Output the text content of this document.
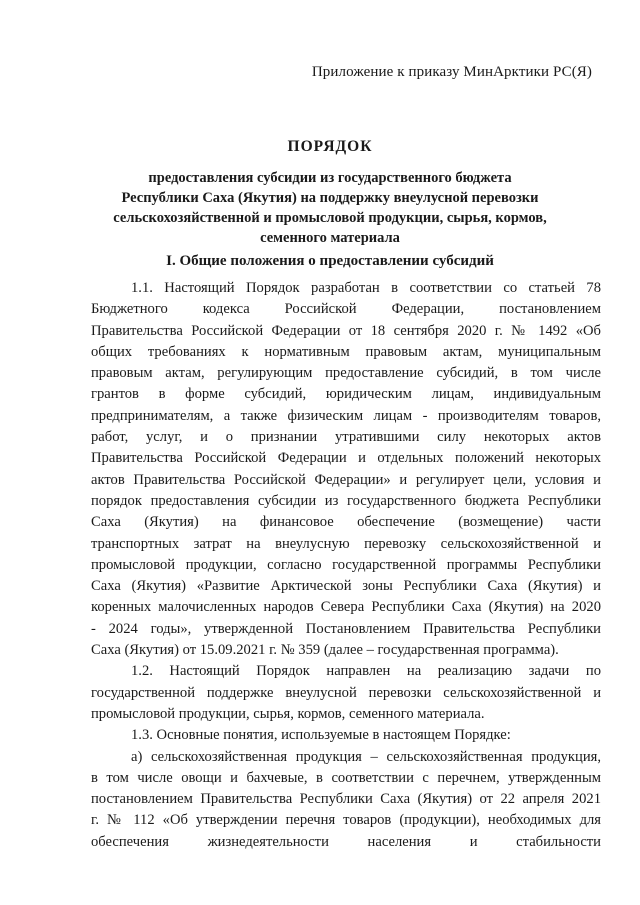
Приложение к приказу МинАрктики РС(Я)
ПОРЯДОК
предоставления субсидии из государственного бюджета
Республики Саха (Якутия) на поддержку внеулусной перевозки
сельскохозяйственной и промысловой продукции, сырья, кормов,
семенного материала
I. Общие положения о предоставлении субсидий
1.1. Настоящий Порядок разработан в соответствии со статьей 78
Бюджетного кодекса Российской Федерации, постановлением
Правительства Российской Федерации от 18 сентября 2020 г. № 1492 «Об
общих требованиях к нормативным правовым актам, муниципальным
правовым актам, регулирующим предоставление субсидий, в том числе
грантов в форме субсидий, юридическим лицам, индивидуальным
предпринимателям, а также физическим лицам - производителям товаров,
работ, услуг, и о признании утратившими силу некоторых актов
Правительства Российской Федерации и отдельных положений некоторых
актов Правительства Российской Федерации» и регулирует цели, условия и
порядок предоставления субсидии из государственного бюджета Республики
Саха (Якутия) на финансовое обеспечение (возмещение) части
транспортных затрат на внеулусную перевозку сельскохозяйственной и
промысловой продукции, согласно государственной программы Республики
Саха (Якутия) «Развитие Арктической зоны Республики Саха (Якутия) и
коренных малочисленных народов Севера Республики Саха (Якутия) на 2020
- 2024 годы», утвержденной Постановлением Правительства Республики
Саха (Якутия) от 15.09.2021 г. № 359 (далее – государственная программа).
1.2. Настоящий Порядок направлен на реализацию задачи по
государственной поддержке внеулусной перевозки сельскохозяйственной и
промысловой продукции, сырья, кормов, семенного материала.
1.3. Основные понятия, используемые в настоящем Порядке:
а) сельскохозяйственная продукция – сельскохозяйственная продукция,
в том числе овощи и бахчевые, в соответствии с перечнем, утвержденным
постановлением Правительства Республики Саха (Якутия) от 22 апреля 2021
г. № 112 «Об утверждении перечня товаров (продукции), необходимых для
обеспечения жизнедеятельности населения и стабильности
